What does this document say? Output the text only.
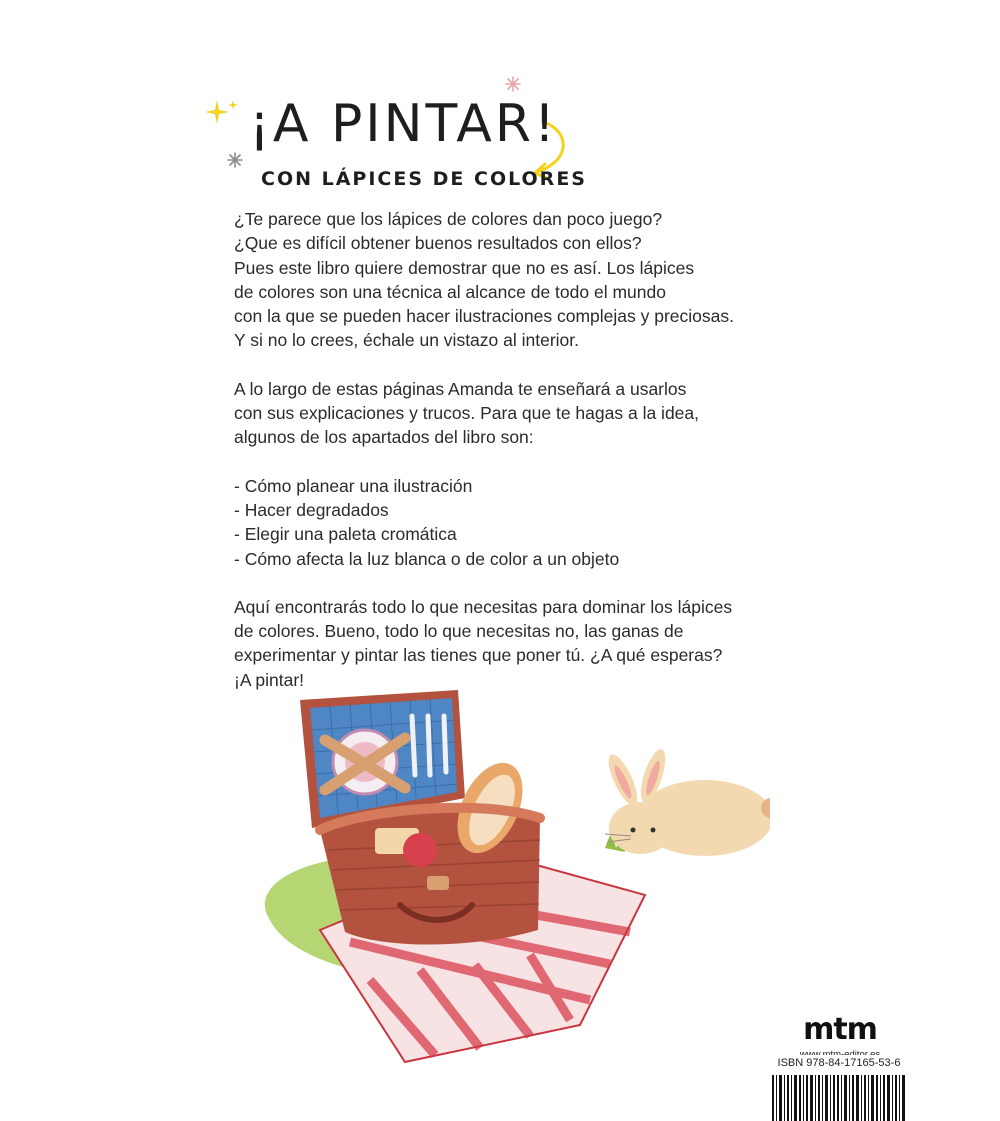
¡A PINTAR!
CON LÁPICES DE COLORES

¿Te parece que los lápices de colores dan poco juego?
¿Que es difícil obtener buenos resultados con ellos?
Pues este libro quiere demostrar que no es así. Los lápices
de colores son una técnica al alcance de todo el mundo
con la que se pueden hacer ilustraciones complejas y preciosas.
Y si no lo crees, échale un vistazo al interior.

A lo largo de estas páginas Amanda te enseñará a usarlos
con sus explicaciones y trucos. Para que te hagas a la idea,
algunos de los apartados del libro son:

- Cómo planear una ilustración
- Hacer degradados
- Elegir una paleta cromática
- Cómo afecta la luz blanca o de color a un objeto

Aquí encontrarás todo lo que necesitas para dominar los lápices
de colores. Bueno, todo lo que necesitas no, las ganas de
experimentar y pintar las tienes que poner tú. ¿A qué esperas?
¡A pintar!

mtm
ISBN 978-84-17165-53-6
